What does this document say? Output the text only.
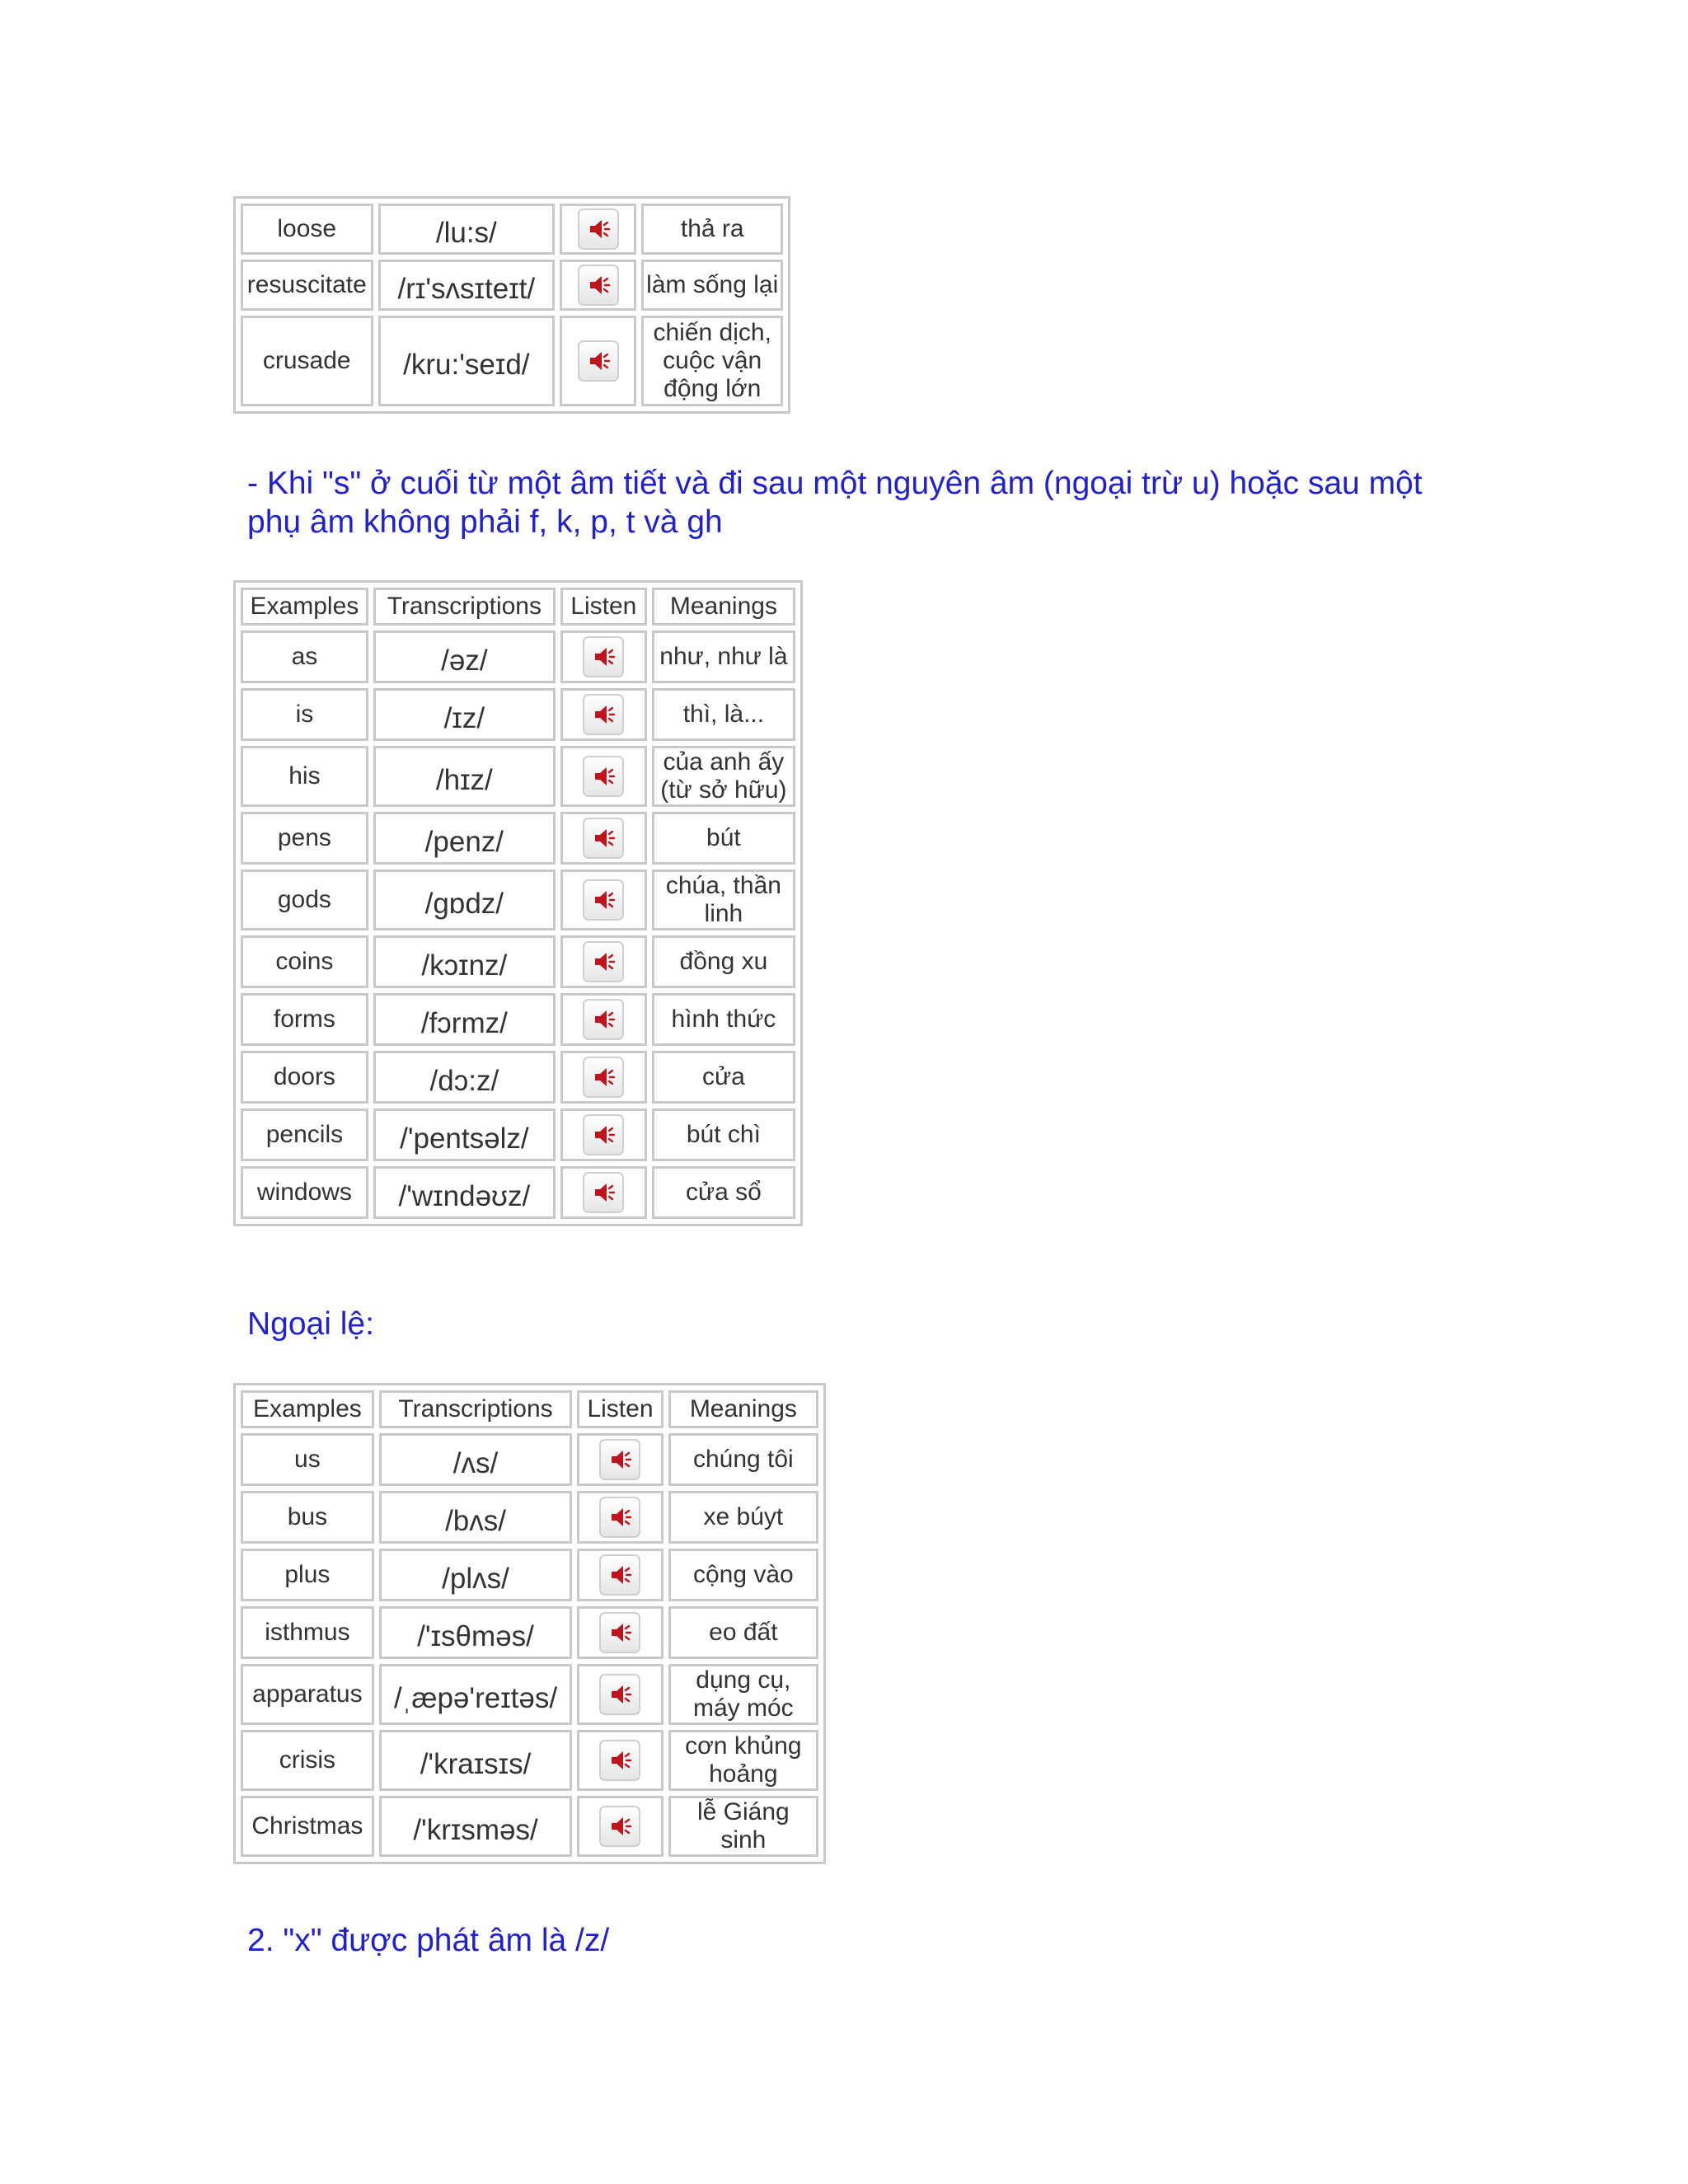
loose	/lu:s/		thả ra
resuscitate	/rɪ'sʌsɪteɪt/		làm sống lại
crusade	/kru:'seɪd/		chiến dịch, cuộc vận động lớn
- Khi "s" ở cuối từ một âm tiết và đi sau một nguyên âm (ngoại trừ u) hoặc sau một phụ âm không phải f, k, p, t và gh
Examples	Transcriptions	Listen	Meanings
as	/əz/		như, như là
is	/ɪz/		thì, là...
his	/hɪz/		của anh ấy (từ sở hữu)
pens	/penz/		bút
gods	/gɒdz/		chúa, thần linh
coins	/kɔɪnz/		đồng xu
forms	/fɔrmz/		hình thức
doors	/dɔ:z/		cửa
pencils	/'pentsəlz/		bút chì
windows	/'wɪndəʊz/		cửa sổ
Ngoại lệ:
Examples	Transcriptions	Listen	Meanings
us	/ʌs/		chúng tôi
bus	/bʌs/		xe búyt
plus	/plʌs/		cộng vào
isthmus	/'ɪsθməs/		eo đất
apparatus	/ˌæpə'reɪtəs/		dụng cụ, máy móc
crisis	/'kraɪsɪs/		cơn khủng hoảng
Christmas	/'krɪsməs/		lễ Giáng sinh
2. "x" được phát âm là /z/
